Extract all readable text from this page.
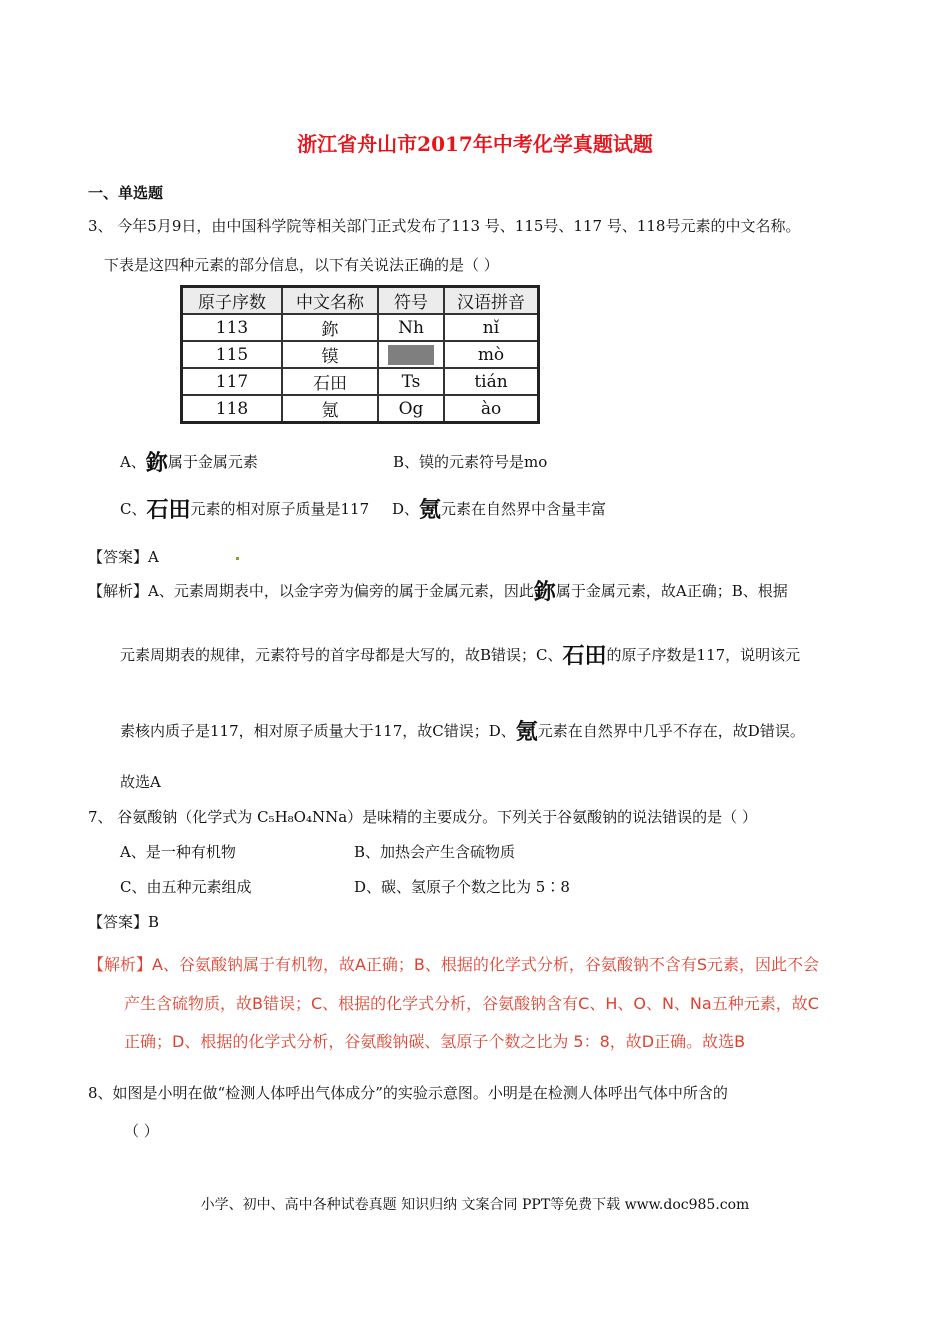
浙江省舟山市2017年中考化学真题试题
一、单选题
3、 今年5月9日，由中国科学院等相关部门正式发布了113 号、115号、117 号、118号元素的中文名称。
下表是这四种元素的部分信息，以下有关说法正确的是（ ）
原子序数	中文名称	符号	汉语拼音
113	鉨	Nh	nǐ
115	镆		mò
117	石田	Ts	tián
118	氪	Og	ào
A、鉨属于金属元素	B、镆的元素符号是mo
C、石田元素的相对原子质量是117 D、氪元素在自然界中含量丰富
【答案】A
【解析】A、元素周期表中，以金字旁为偏旁的属于金属元素，因此鉨属于金属元素，故A正确；B、根据
元素周期表的规律，元素符号的首字母都是大写的，故B错误；C、石田的原子序数是117，说明该元
素核内质子是117，相对原子质量大于117，故C错误；D、氪元素在自然界中几乎不存在，故D错误。
故选A
7、 谷氨酸钠（化学式为 C₅H₈O₄NNa）是味精的主要成分。下列关于谷氨酸钠的说法错误的是（ ）
A、是一种有机物	B、加热会产生含硫物质
C、由五种元素组成	D、碳、氢原子个数之比为 5∶8
【答案】B
【解析】A、谷氨酸钠属于有机物，故A正确；B、根据的化学式分析，谷氨酸钠不含有S元素，因此不会
产生含硫物质，故B错误；C、根据的化学式分析，谷氨酸钠含有C、H、O、N、Na五种元素，故C
正确；D、根据的化学式分析，谷氨酸钠碳、氢原子个数之比为 5：8，故D正确。故选B
8、如图是小明在做“检测人体呼出气体成分”的实验示意图。小明是在检测人体呼出气体中所含的
（ ）
小学、初中、高中各种试卷真题 知识归纳 文案合同 PPT等免费下载 www.doc985.com
